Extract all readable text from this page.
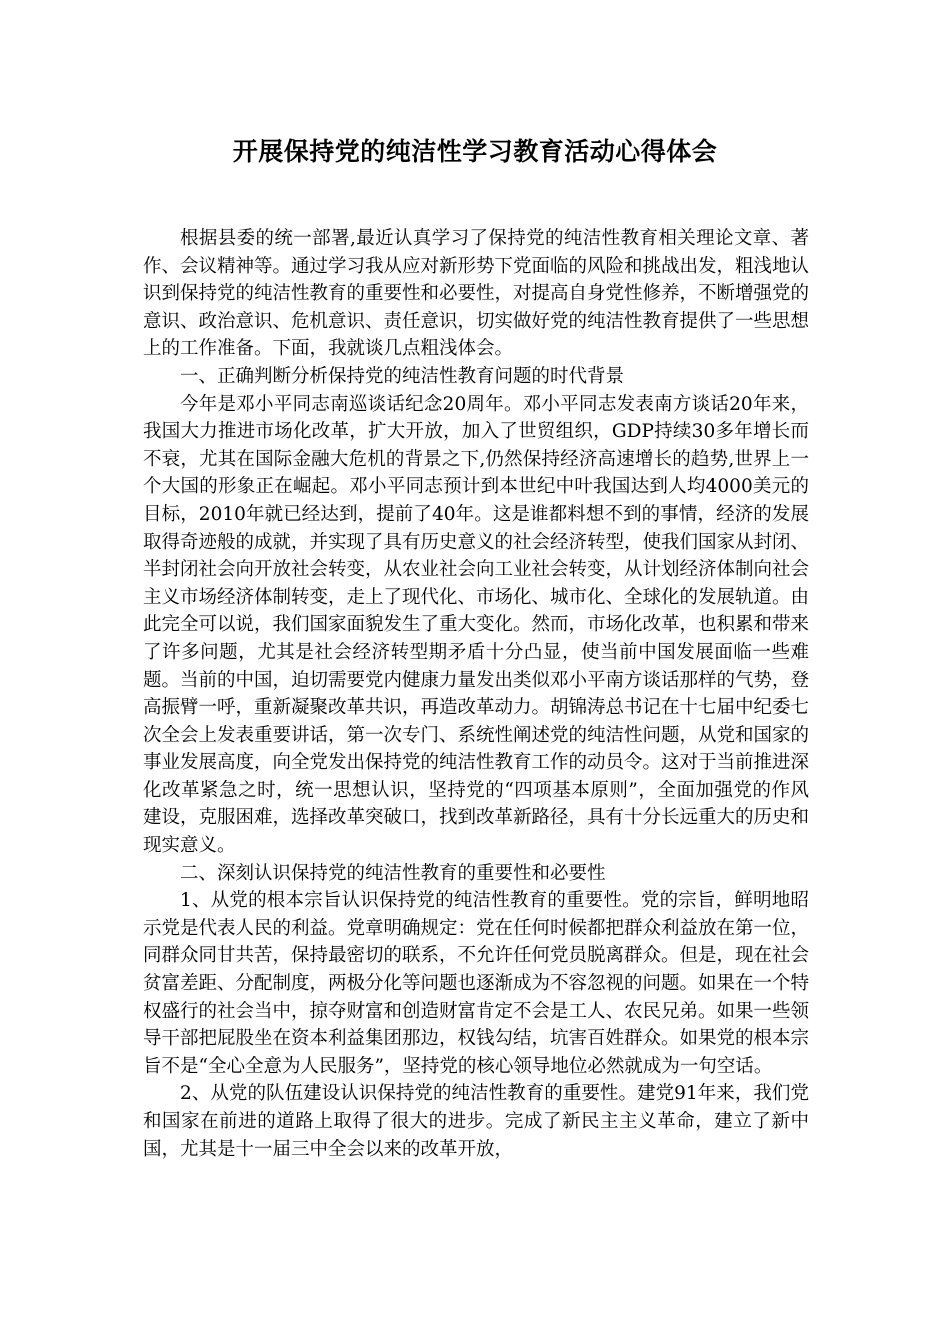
开展保持党的纯洁性学习教育活动心得体会

根据县委的统一部署,最近认真学习了保持党的纯洁性教育相关理论文章、著作、会议精神等。通过学习我从应对新形势下党面临的风险和挑战出发，粗浅地认识到保持党的纯洁性教育的重要性和必要性，对提高自身党性修养，不断增强党的意识、政治意识、危机意识、责任意识，切实做好党的纯洁性教育提供了一些思想上的工作准备。下面，我就谈几点粗浅体会。

一、正确判断分析保持党的纯洁性教育问题的时代背景

今年是邓小平同志南巡谈话纪念20周年。邓小平同志发表南方谈话20年来，我国大力推进市场化改革，扩大开放，加入了世贸组织，GDP持续30多年增长而不衰，尤其在国际金融大危机的背景之下,仍然保持经济高速增长的趋势,世界上一个大国的形象正在崛起。邓小平同志预计到本世纪中叶我国达到人均4000美元的目标，2010年就已经达到，提前了40年。这是谁都料想不到的事情，经济的发展取得奇迹般的成就，并实现了具有历史意义的社会经济转型，使我们国家从封闭、半封闭社会向开放社会转变，从农业社会向工业社会转变，从计划经济体制向社会主义市场经济体制转变，走上了现代化、市场化、城市化、全球化的发展轨道。由此完全可以说，我们国家面貌发生了重大变化。然而，市场化改革，也积累和带来了许多问题，尤其是社会经济转型期矛盾十分凸显，使当前中国发展面临一些难题。当前的中国，迫切需要党内健康力量发出类似邓小平南方谈话那样的气势，登高振臂一呼，重新凝聚改革共识，再造改革动力。胡锦涛总书记在十七届中纪委七次全会上发表重要讲话，第一次专门、系统性阐述党的纯洁性问题，从党和国家的事业发展高度，向全党发出保持党的纯洁性教育工作的动员令。这对于当前推进深化改革紧急之时，统一思想认识，坚持党的“四项基本原则”，全面加强党的作风建设，克服困难，选择改革突破口，找到改革新路径，具有十分长远重大的历史和现实意义。

二、深刻认识保持党的纯洁性教育的重要性和必要性

1、从党的根本宗旨认识保持党的纯洁性教育的重要性。党的宗旨，鲜明地昭示党是代表人民的利益。党章明确规定：党在任何时候都把群众利益放在第一位，同群众同甘共苦，保持最密切的联系，不允许任何党员脱离群众。但是，现在社会贫富差距、分配制度，两极分化等问题也逐渐成为不容忽视的问题。如果在一个特权盛行的社会当中，掠夺财富和创造财富肯定不会是工人、农民兄弟。如果一些领导干部把屁股坐在资本利益集团那边，权钱勾结，坑害百姓群众。如果党的根本宗旨不是“全心全意为人民服务”，坚持党的核心领导地位必然就成为一句空话。

2、从党的队伍建设认识保持党的纯洁性教育的重要性。建党91年来，我们党和国家在前进的道路上取得了很大的进步。完成了新民主主义革命，建立了新中国，尤其是十一届三中全会以来的改革开放，
